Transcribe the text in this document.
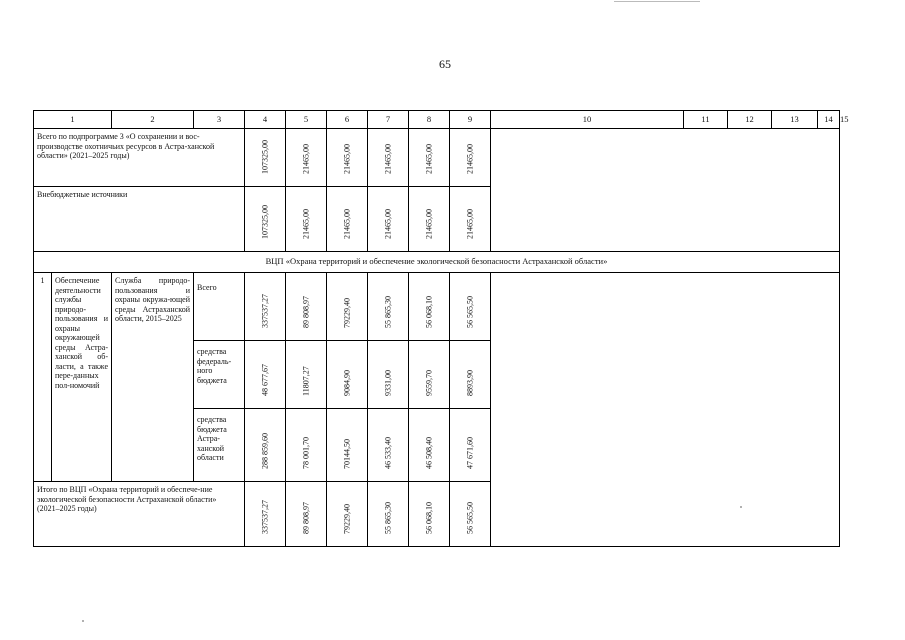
65
1		2	3	4	5	6	7	8	9	10	11	12	13	14	15
Всего по подпрограмме 3 «О сохранении и вос-производстве охотничьих ресурсов в Астра-ханской области» (2021–2025 годы)				107325,00	21465,00	21465,00	21465,00	21465,00	21465,00						

Внебюджетные источники				107325,00	21465,00	21465,00	21465,00	21465,00	21465,00						

ВЦП «Охрана территорий и обеспечение экологической безопасности Астраханской области»															
1	Обеспечение деятельности службы природо-пользования и охраны окружающей среды Астра-ханской об-ласти, а также пере-данных пол-номочий	Служба природо-пользования и охраны окружа-ющей среды Астраханской области, 2015–2025	Всего	337537,27	89 808,97	79229,40	55 865,30	56 068,10	56 565,50						

			средства федераль-ного бюджета	48 677,67	11807,27	9084,90	9331,00	9559,70	8893,90						

			средства бюджета Астра-ханской области	288 859,60	78 001,70	70144,50	46 533,40	46 508,40	47 671,60						

Итого по ВЦП «Охрана территорий и обеспече-ние экологической безопасности Астраханской области» (2021–2025 годы)				337537,27	89 808,97	79229,40	55 865,30	56 068,10	56 565,50						
